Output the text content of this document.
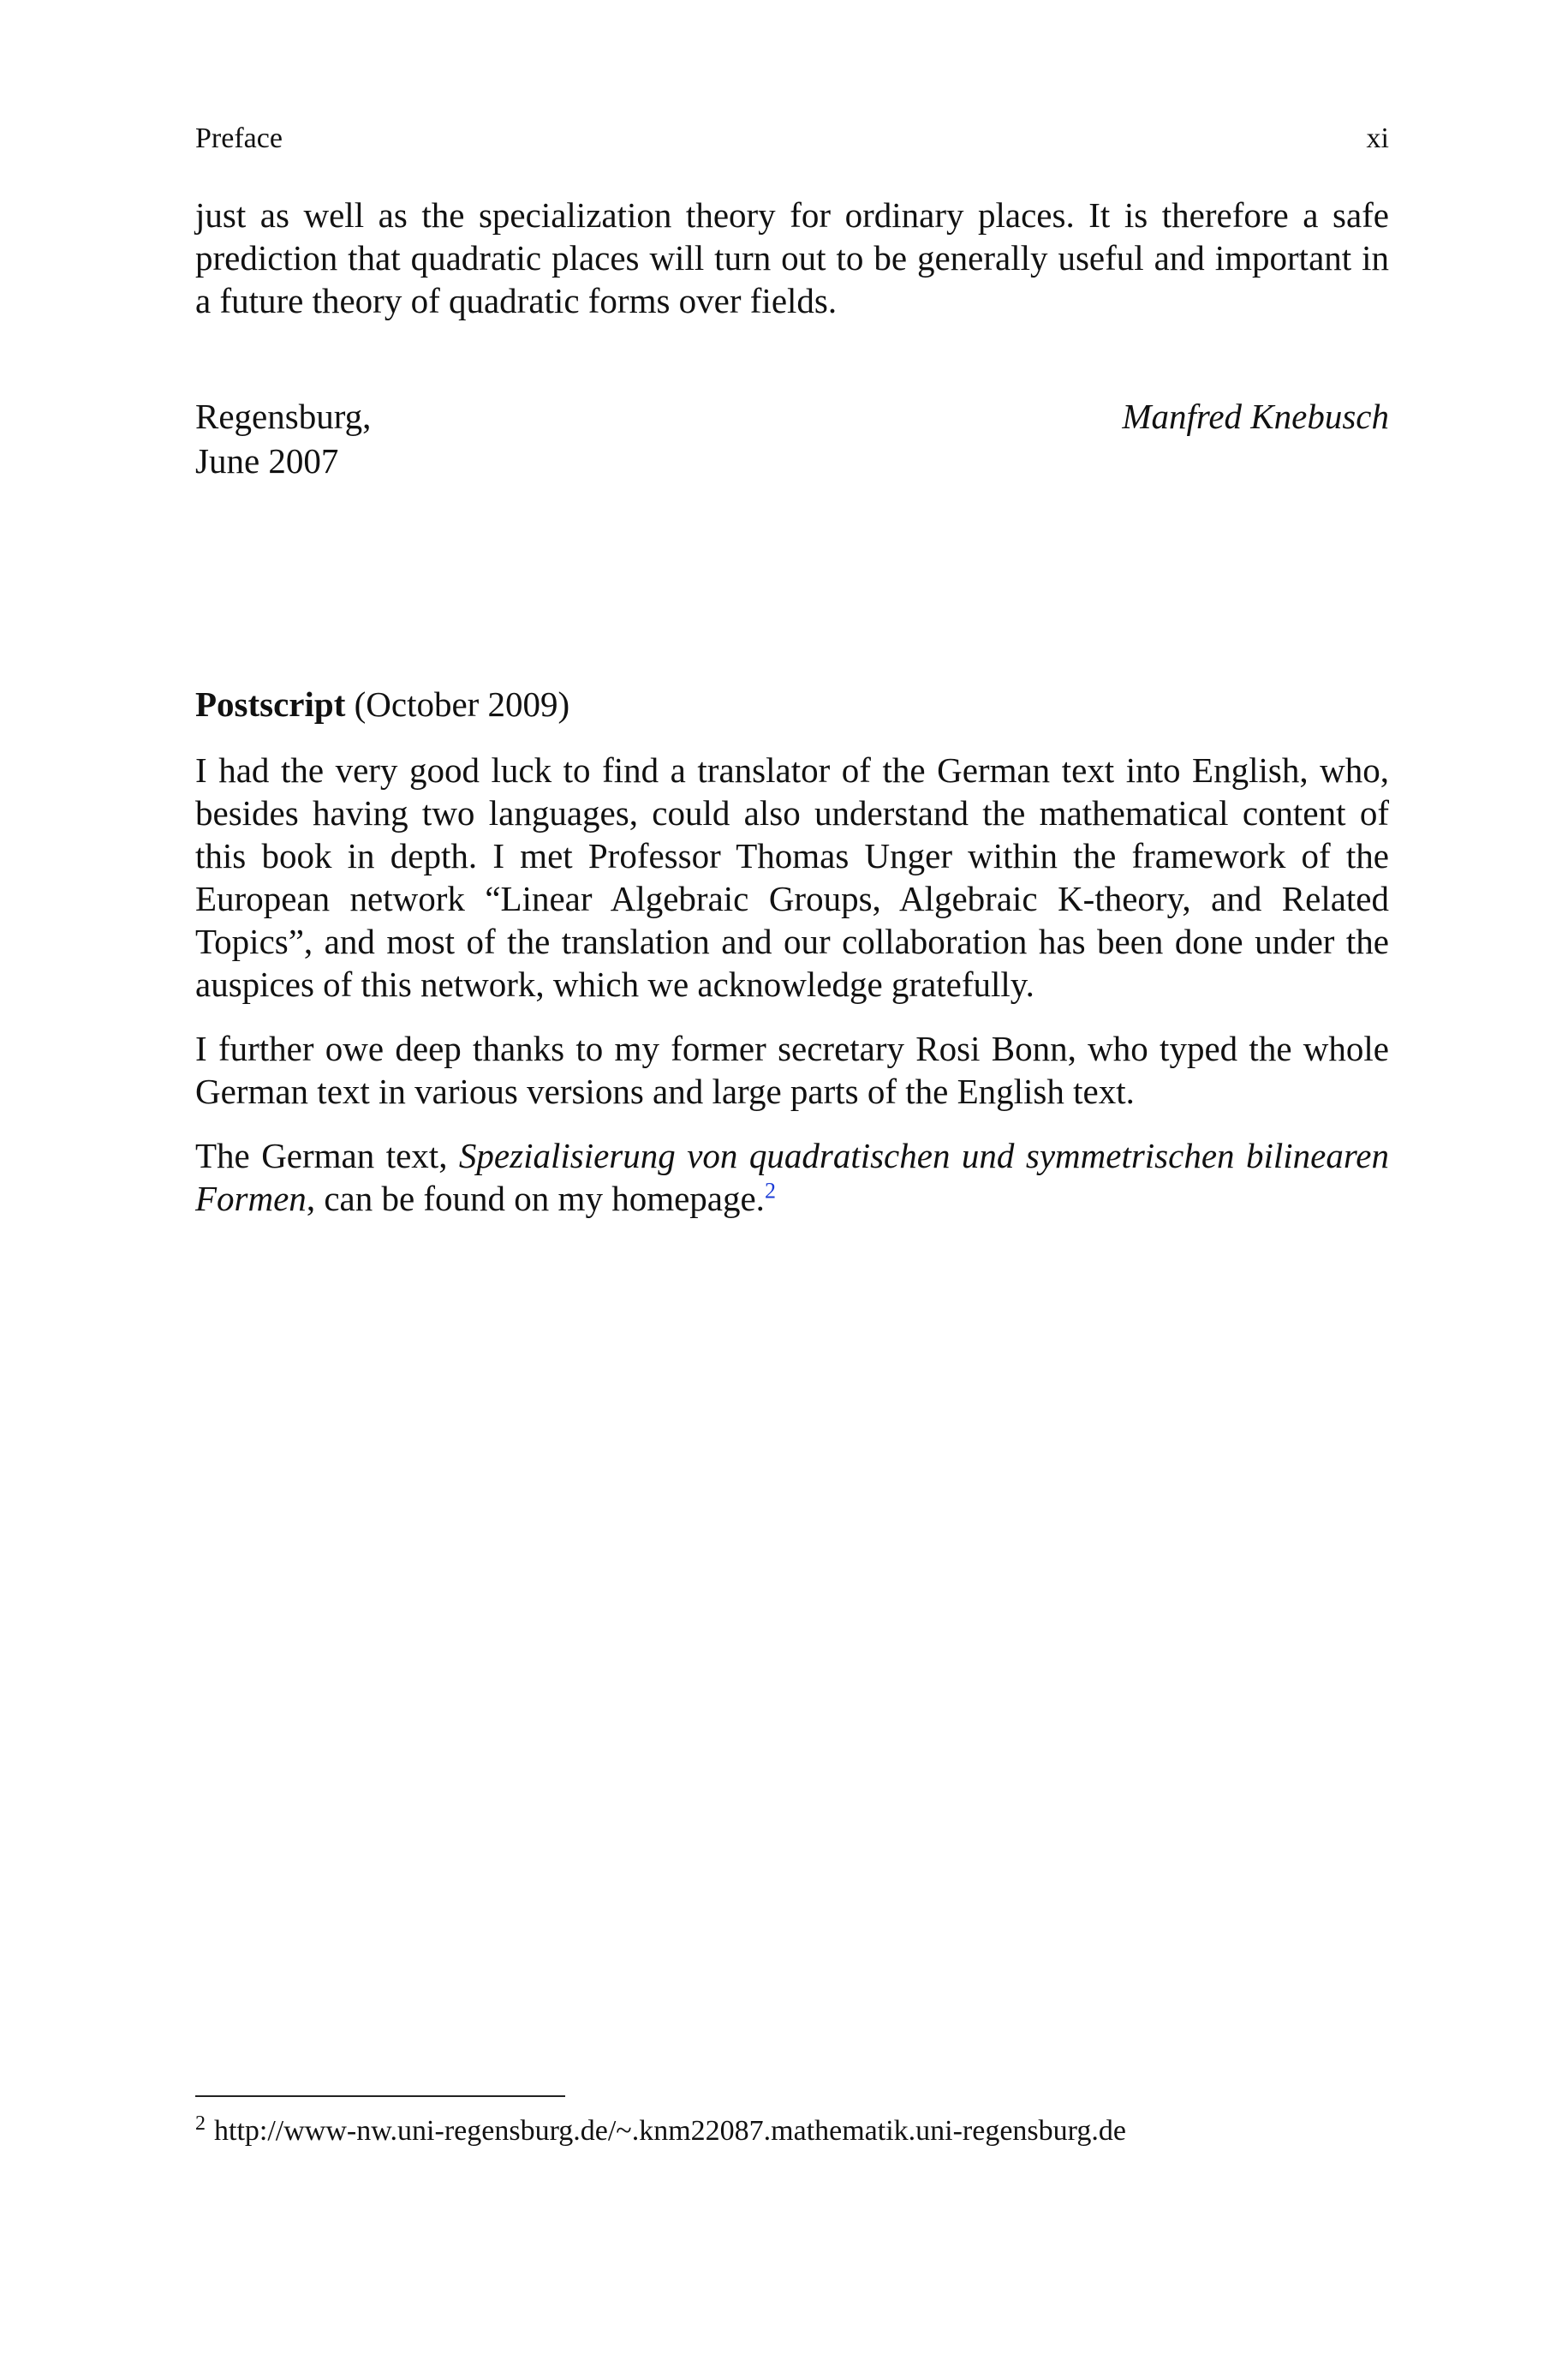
Preface	xi

just as well as the specialization theory for ordinary places. It is therefore a safe prediction that quadratic places will turn out to be generally useful and important in a future theory of quadratic forms over fields.

Regensburg,
June 2007
Manfred Knebusch

Postscript (October 2009)

I had the very good luck to find a translator of the German text into English, who, besides having two languages, could also understand the mathematical content of this book in depth. I met Professor Thomas Unger within the framework of the European network “Linear Algebraic Groups, Algebraic K-theory, and Related Topics”, and most of the translation and our collaboration has been done under the auspices of this network, which we acknowledge gratefully.

I further owe deep thanks to my former secretary Rosi Bonn, who typed the whole German text in various versions and large parts of the English text.

The German text, Spezialisierung von quadratischen und symmetrischen bilinearen Formen, can be found on my homepage.$^2$

$^2$ http://www-nw.uni-regensburg.de/~.knm22087.mathematik.uni-regensburg.de
